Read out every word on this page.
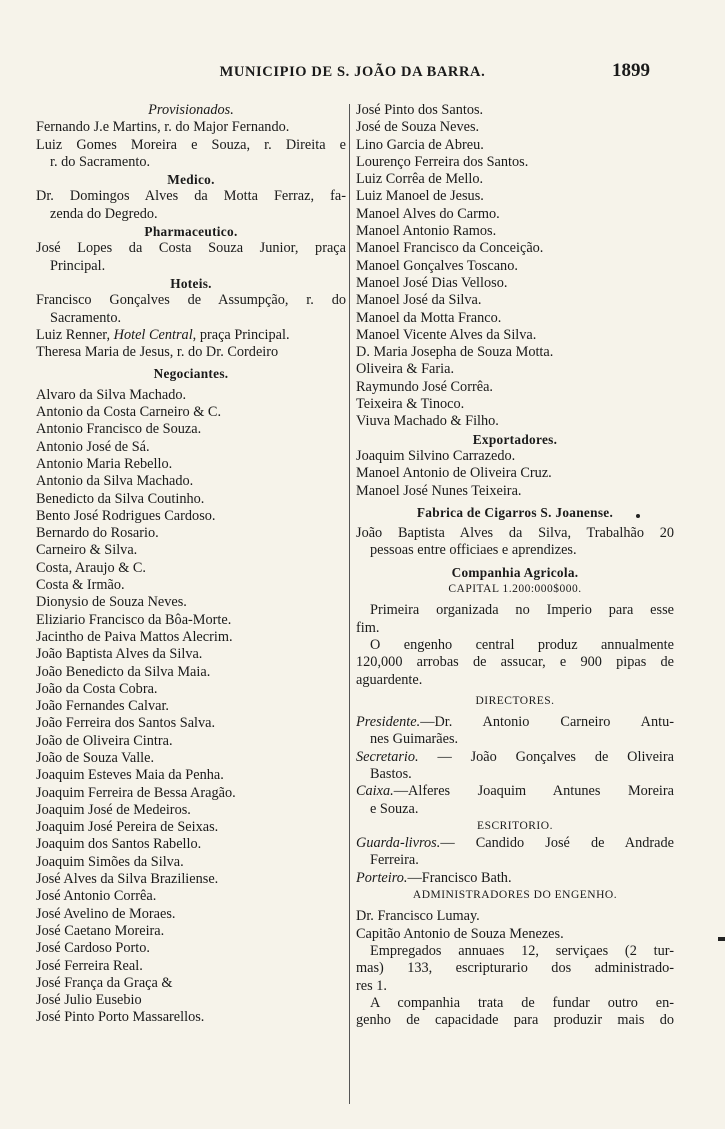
MUNICIPIO DE S. JOÃO DA BARRA.	1899
Provisionados.
Fernando J.e Martins, r. do Major Fernando.
Luiz Gomes Moreira e Souza, r. Direita e
r. do Sacramento.
Medico.
Dr. Domingos Alves da Motta Ferraz, fa-
zenda do Degredo.
Pharmaceutico.
José Lopes da Costa Souza Junior, praça
Principal.
Hoteis.
Francisco Gonçalves de Assumpção, r. do
Sacramento.
Luiz Renner, Hotel Central, praça Principal.
Theresa Maria de Jesus, r. do Dr. Cordeiro
Negociantes.
Alvaro da Silva Machado.
Antonio da Costa Carneiro & C.
Antonio Francisco de Souza.
Antonio José de Sá.
Antonio Maria Rebello.
Antonio da Silva Machado.
Benedicto da Silva Coutinho.
Bento José Rodrigues Cardoso.
Bernardo do Rosario.
Carneiro & Silva.
Costa, Araujo & C.
Costa & Irmão.
Dionysio de Souza Neves.
Eliziario Francisco da Bôa-Morte.
Jacintho de Paiva Mattos Alecrim.
João Baptista Alves da Silva.
João Benedicto da Silva Maia.
João da Costa Cobra.
João Fernandes Calvar.
João Ferreira dos Santos Salva.
João de Oliveira Cintra.
João de Souza Valle.
Joaquim Esteves Maia da Penha.
Joaquim Ferreira de Bessa Aragão.
Joaquim José de Medeiros.
Joaquim José Pereira de Seixas.
Joaquim dos Santos Rabello.
Joaquim Simões da Silva.
José Alves da Silva Braziliense.
José Antonio Corrêa.
José Avelino de Moraes.
José Caetano Moreira.
José Cardoso Porto.
José Ferreira Real.
José França da Graça &
José Julio Eusebio
José Pinto Porto Massarellos.
José Pinto dos Santos.
José de Souza Neves.
Lino Garcia de Abreu.
Lourenço Ferreira dos Santos.
Luiz Corrêa de Mello.
Luiz Manoel de Jesus.
Manoel Alves do Carmo.
Manoel Antonio Ramos.
Manoel Francisco da Conceição.
Manoel Gonçalves Toscano.
Manoel José Dias Velloso.
Manoel José da Silva.
Manoel da Motta Franco.
Manoel Vicente Alves da Silva.
D. Maria Josepha de Souza Motta.
Oliveira & Faria.
Raymundo José Corrêa.
Teixeira & Tinoco.
Viuva Machado & Filho.
Exportadores.
Joaquim Silvino Carrazedo.
Manoel Antonio de Oliveira Cruz.
Manoel José Nunes Teixeira.
Fabrica de Cigarros S. Joanense.
João Baptista Alves da Silva, Trabalhão 20
pessoas entre officiaes e aprendizes.
Companhia Agricola.
CAPITAL 1.200:000$000.
Primeira organizada no Imperio para esse
fim.
O engenho central produz annualmente
120,000 arrobas de assucar, e 900 pipas de
aguardente.
DIRECTORES.
Presidente.—Dr. Antonio Carneiro Antu-
nes Guimarães.
Secretario. — João Gonçalves de Oliveira
Bastos.
Caixa.—Alferes Joaquim Antunes Moreira
e Souza.
ESCRITORIO.
Guarda-livros.— Candido José de Andrade
Ferreira.
Porteiro.—Francisco Bath.
ADMINISTRADORES DO ENGENHO.
Dr. Francisco Lumay.
Capitão Antonio de Souza Menezes.
Empregados annuaes 12, serviçaes (2 tur-
mas) 133, escripturario dos administrado-
res 1.
A companhia trata de fundar outro en-
genho de capacidade para produzir mais do
